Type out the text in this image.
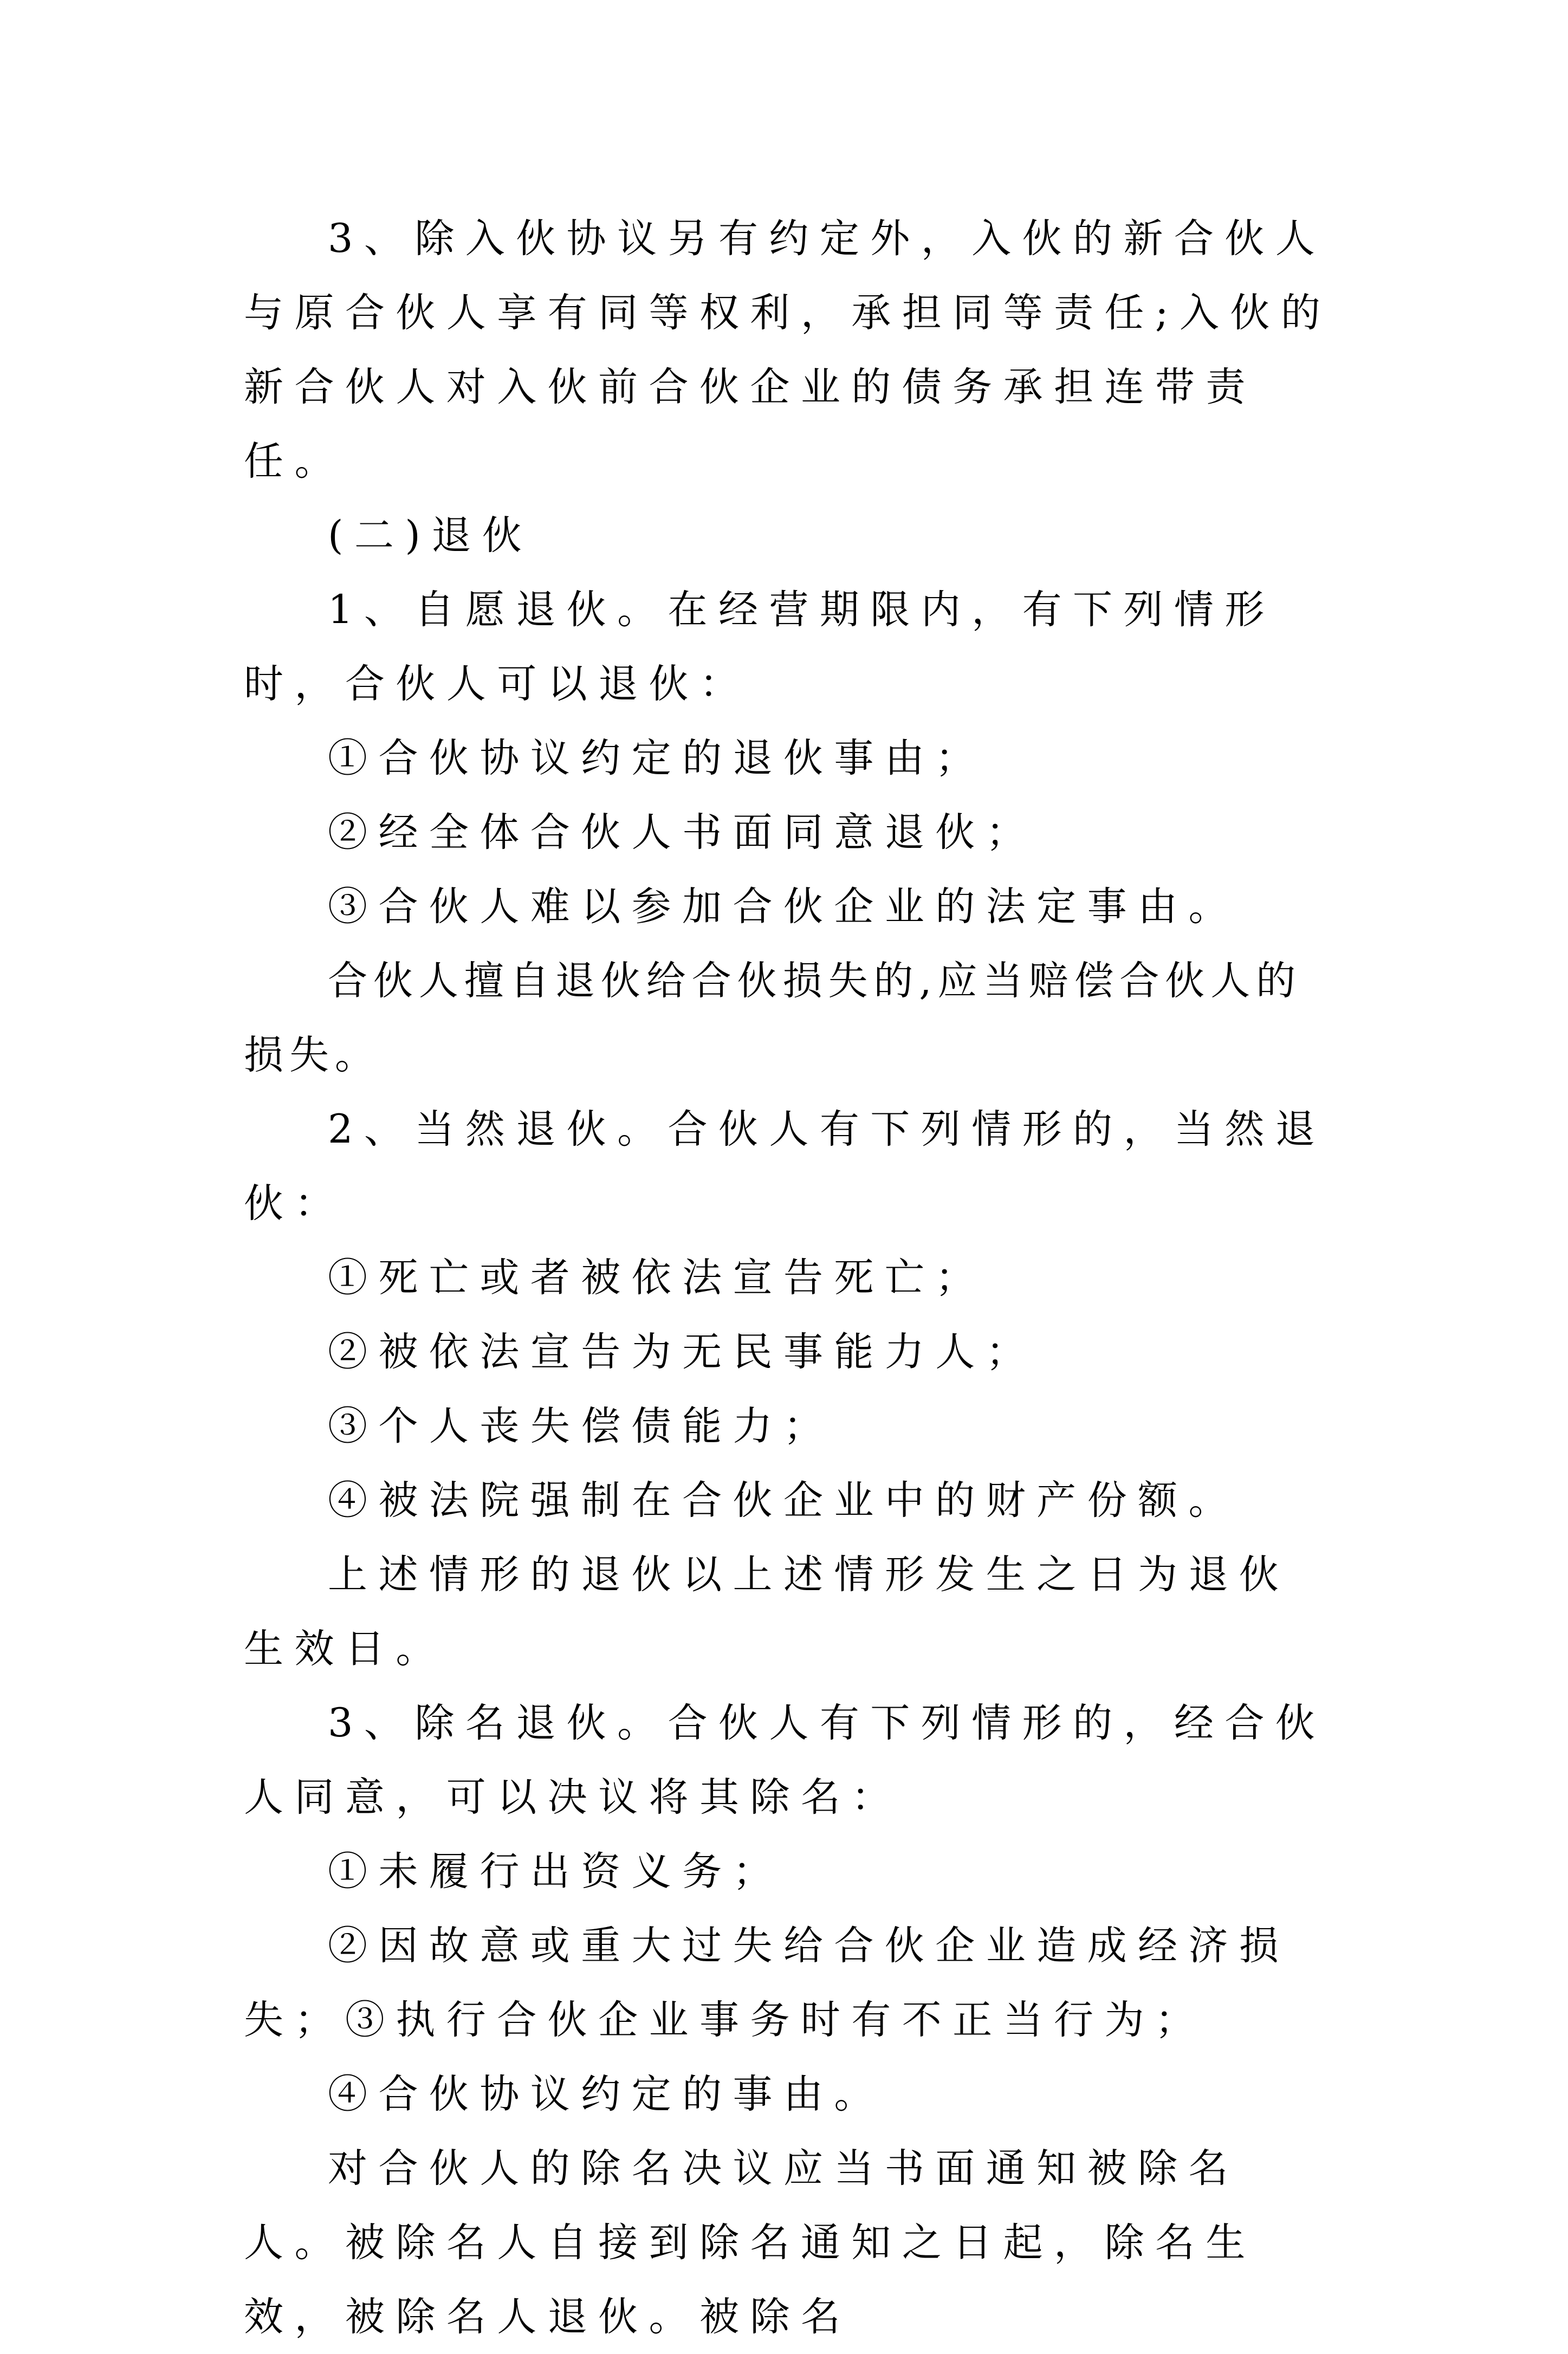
3、除入伙协议另有约定外，入伙的新合伙人与原合伙人享有同等权利，承担同等责任;入伙的新合伙人对入伙前合伙企业的债务承担连带责任。

(二)退伙

1、自愿退伙。在经营期限内，有下列情形时，合伙人可以退伙：

①合伙协议约定的退伙事由；

②经全体合伙人书面同意退伙；

③合伙人难以参加合伙企业的法定事由。

合伙人擅自退伙给合伙损失的,应当赔偿合伙人的损失。

2、当然退伙。合伙人有下列情形的，当然退伙：

①死亡或者被依法宣告死亡；

②被依法宣告为无民事能力人；

③个人丧失偿债能力；

④被法院强制在合伙企业中的财产份额。

上述情形的退伙以上述情形发生之日为退伙生效日。

3、除名退伙。合伙人有下列情形的，经合伙人同意，可以决议将其除名：

①未履行出资义务；

②因故意或重大过失给合伙企业造成经济损失；③执行合伙企业事务时有不正当行为；

④合伙协议约定的事由。

对合伙人的除名决议应当书面通知被除名人。被除名人自接到除名通知之日起，除名生效，被除名人退伙。被除名
